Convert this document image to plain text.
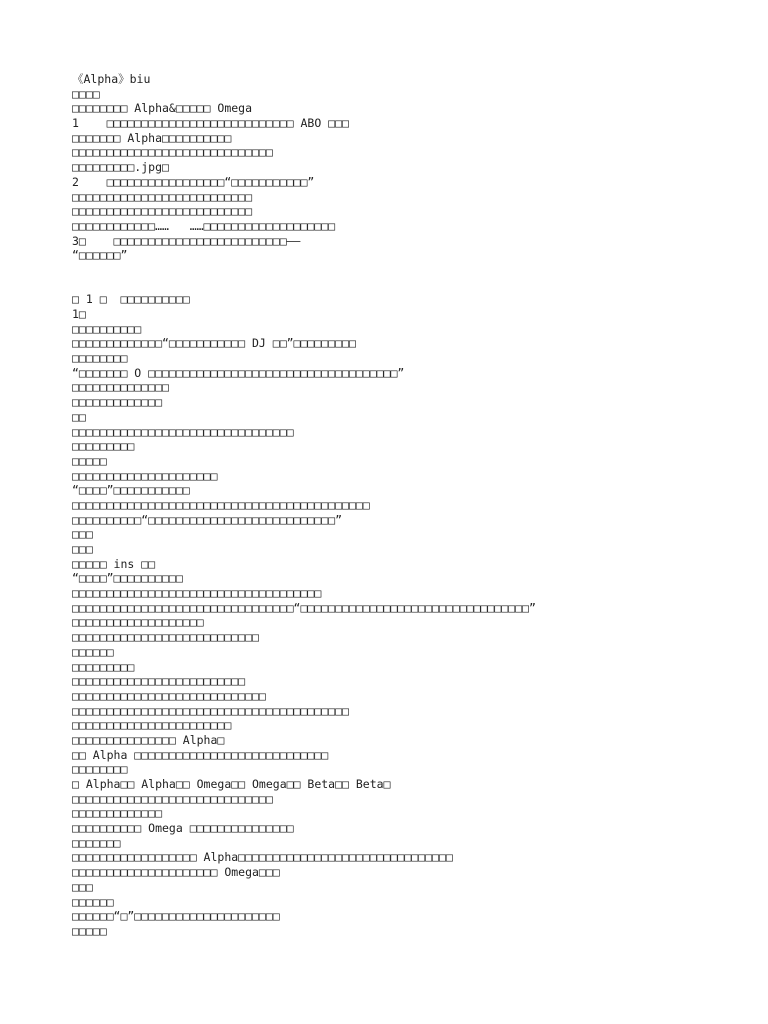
《Alpha》biu
□□□□
□□□□□□□□ Alpha&□□□□□ Omega
1    □□□□□□□□□□□□□□□□□□□□□□□□□□□ ABO □□□
□□□□□□□ Alpha□□□□□□□□□□
□□□□□□□□□□□□□□□□□□□□□□□□□□□□□
□□□□□□□□□.jpg□
2    □□□□□□□□□□□□□□□□□“□□□□□□□□□□□”
□□□□□□□□□□□□□□□□□□□□□□□□□□
□□□□□□□□□□□□□□□□□□□□□□□□□□
□□□□□□□□□□□□……   ……□□□□□□□□□□□□□□□□□□□
3□    □□□□□□□□□□□□□□□□□□□□□□□□□——
“□□□□□□”
□ 1 □  □□□□□□□□□□
1□
□□□□□□□□□□
□□□□□□□□□□□□□“□□□□□□□□□□□ DJ □□”□□□□□□□□□
□□□□□□□□
“□□□□□□□ O □□□□□□□□□□□□□□□□□□□□□□□□□□□□□□□□□□□□”
□□□□□□□□□□□□□□
□□□□□□□□□□□□□
□□
□□□□□□□□□□□□□□□□□□□□□□□□□□□□□□□□
□□□□□□□□□
□□□□□
□□□□□□□□□□□□□□□□□□□□□
“□□□□”□□□□□□□□□□□
□□□□□□□□□□□□□□□□□□□□□□□□□□□□□□□□□□□□□□□□□□□
□□□□□□□□□□“□□□□□□□□□□□□□□□□□□□□□□□□□□□”
□□□
□□□
□□□□□ ins □□
“□□□□”□□□□□□□□□□
□□□□□□□□□□□□□□□□□□□□□□□□□□□□□□□□□□□□
□□□□□□□□□□□□□□□□□□□□□□□□□□□□□□□□“□□□□□□□□□□□□□□□□□□□□□□□□□□□□□□□□□”
□□□□□□□□□□□□□□□□□□□
□□□□□□□□□□□□□□□□□□□□□□□□□□□
□□□□□□
□□□□□□□□□
□□□□□□□□□□□□□□□□□□□□□□□□□
□□□□□□□□□□□□□□□□□□□□□□□□□□□□
□□□□□□□□□□□□□□□□□□□□□□□□□□□□□□□□□□□□□□□□
□□□□□□□□□□□□□□□□□□□□□□□
□□□□□□□□□□□□□□□ Alpha□
□□ Alpha □□□□□□□□□□□□□□□□□□□□□□□□□□□□
□□□□□□□□
□ Alpha□□ Alpha□□ Omega□□ Omega□□ Beta□□ Beta□
□□□□□□□□□□□□□□□□□□□□□□□□□□□□□
□□□□□□□□□□□□□
□□□□□□□□□□ Omega □□□□□□□□□□□□□□□
□□□□□□□
□□□□□□□□□□□□□□□□□□ Alpha□□□□□□□□□□□□□□□□□□□□□□□□□□□□□□□
□□□□□□□□□□□□□□□□□□□□□ Omega□□□
□□□
□□□□□□
□□□□□□“□”□□□□□□□□□□□□□□□□□□□□□
□□□□□
